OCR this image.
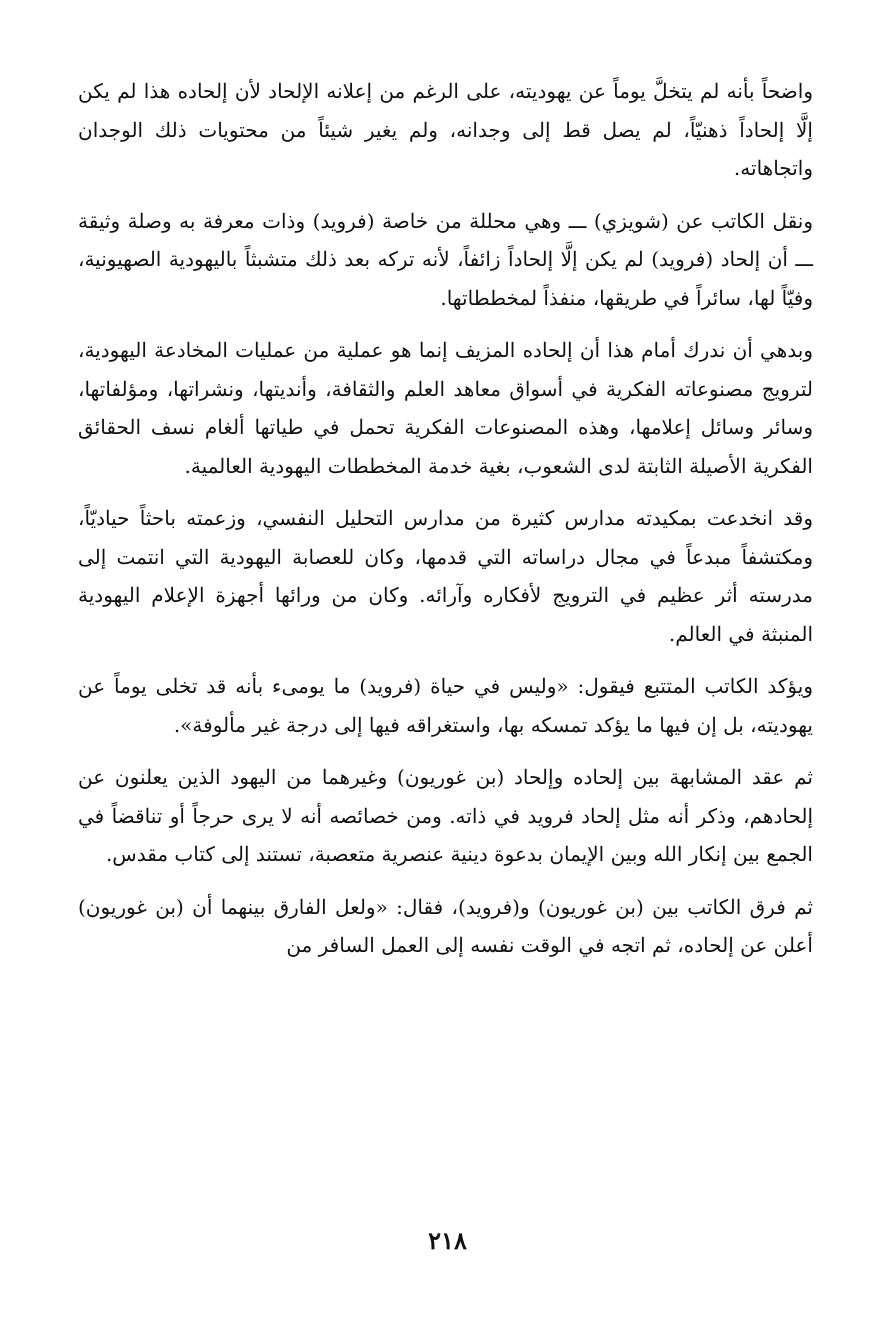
واضحاً بأنه لم يتخلَّ يوماً عن يهوديته، على الرغم من إعلانه الإلحاد لأن إلحاده هذا لم يكن إلَّا إلحاداً ذهنيّاً، لم يصل قط إلى وجدانه، ولم يغير شيئاً من محتويات ذلك الوجدان واتجاهاته.

ونقل الكاتب عن (شويزي) ـــ وهي محللة من خاصة (فرويد) وذات معرفة به وصلة وثيقة ـــ أن إلحاد (فرويد) لم يكن إلَّا إلحاداً زائفاً، لأنه تركه بعد ذلك متشبثاً باليهودية الصهيونية، وفيّاً لها، سائراً في طريقها، منفذاً لمخططاتها.

وبدهي أن ندرك أمام هذا أن إلحاده المزيف إنما هو عملية من عمليات المخادعة اليهودية، لترويج مصنوعاته الفكرية في أسواق معاهد العلم والثقافة، وأنديتها، ونشراتها، ومؤلفاتها، وسائر وسائل إعلامها، وهذه المصنوعات الفكرية تحمل في طياتها ألغام نسف الحقائق الفكرية الأصيلة الثابتة لدى الشعوب، بغية خدمة المخططات اليهودية العالمية.

وقد انخدعت بمكيدته مدارس كثيرة من مدارس التحليل النفسي، وزعمته باحثاً حياديّاً، ومكتشفاً مبدعاً في مجال دراساته التي قدمها، وكان للعصابة اليهودية التي انتمت إلى مدرسته أثر عظيم في الترويج لأفكاره وآرائه. وكان من ورائها أجهزة الإعلام اليهودية المنبثة في العالم.

ويؤكد الكاتب المتتبع فيقول: «وليس في حياة (فرويد) ما يومىء بأنه قد تخلى يوماً عن يهوديته، بل إن فيها ما يؤكد تمسكه بها، واستغراقه فيها إلى درجة غير مألوفة».

ثم عقد المشابهة بين إلحاده وإلحاد (بن غوريون) وغيرهما من اليهود الذين يعلنون عن إلحادهم، وذكر أنه مثل إلحاد فرويد في ذاته. ومن خصائصه أنه لا يرى حرجاً أو تناقضاً في الجمع بين إنكار الله وبين الإيمان بدعوة دينية عنصرية متعصبة، تستند إلى كتاب مقدس.

ثم فرق الكاتب بين (بن غوريون) و(فرويد)، فقال: «ولعل الفارق بينهما أن (بن غوريون) أعلن عن إلحاده، ثم اتجه في الوقت نفسه إلى العمل السافر من

٢١٨
